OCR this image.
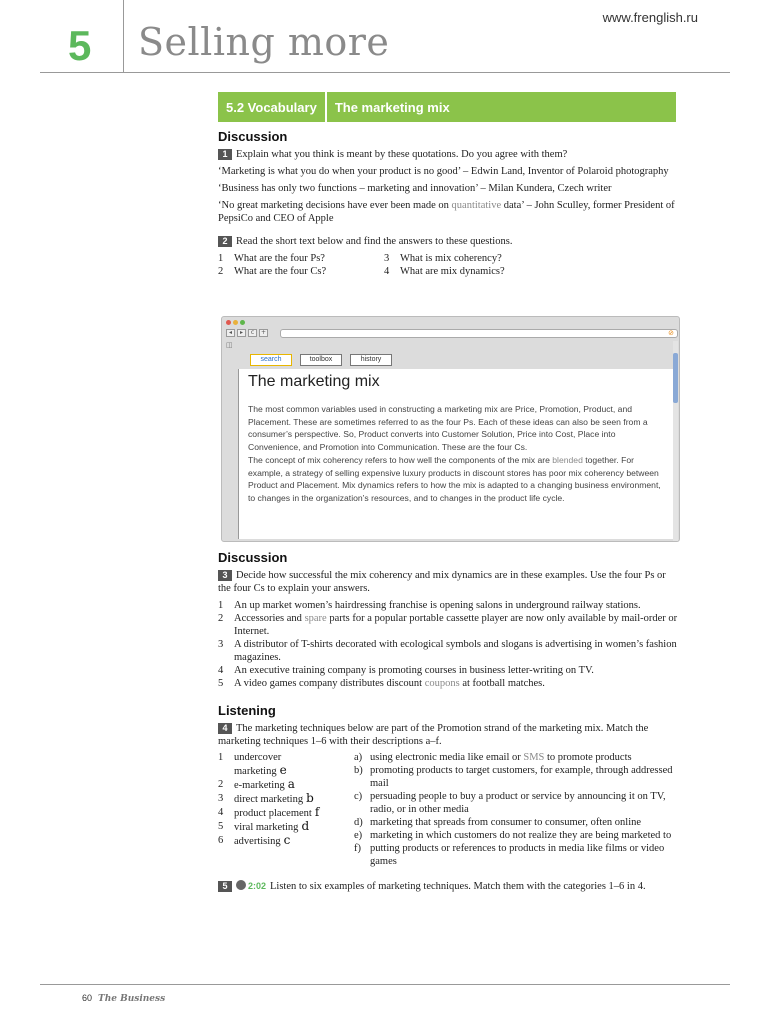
5 Selling more
www.frenglish.ru
5.2 Vocabulary	The marketing mix
Discussion
1 Explain what you think is meant by these quotations. Do you agree with them?
‘Marketing is what you do when your product is no good’ – Edwin Land, Inventor of Polaroid photography
‘Business has only two functions – marketing and innovation’ – Milan Kundera, Czech writer
‘No great marketing decisions have ever been made on quantitative data’ – John Sculley, former President of PepsiCo and CEO of Apple
2 Read the short text below and find the answers to these questions.
1	What are the four Ps?	3	What is mix coherency?
2	What are the four Cs?	4	What are mix dynamics?
◂	▸	c	+	⊘
◫
search	toolbox	history
The marketing mix
The most common variables used in constructing a marketing mix are Price, Promotion, Product, and Placement. These are sometimes referred to as the four Ps. Each of these ideas can also be seen from a consumer’s perspective. So, Product converts into Customer Solution, Price into Cost, Place into Convenience, and Promotion into Communication. These are the four Cs.
The concept of mix coherency refers to how well the components of the mix are blended together. For example, a strategy of selling expensive luxury products in discount stores has poor mix coherency between Product and Placement. Mix dynamics refers to how the mix is adapted to a changing business environment, to changes in the organization’s resources, and to changes in the product life cycle.
Discussion
3 Decide how successful the mix coherency and mix dynamics are in these examples. Use the four Ps or the four Cs to explain your answers.
1	An up market women’s hairdressing franchise is opening salons in underground railway stations.
2	Accessories and spare parts for a popular portable cassette player are now only available by mail-order or Internet.
3	A distributor of T-shirts decorated with ecological symbols and slogans is advertising in women’s fashion magazines.
4	An executive training company is promoting courses in business letter-writing on TV.
5	A video games company distributes discount coupons at football matches.
Listening
4 The marketing techniques below are part of the Promotion strand of the marketing mix. Match the marketing techniques 1–6 with their descriptions a–f.
1	undercover
marketing e
2	e-marketing a
3	direct marketing b
4	product placement f
5	viral marketing d
6	advertising c
a) using electronic media like email or SMS to promote products
b) promoting products to target customers, for example, through addressed mail
c) persuading people to buy a product or service by announcing it on TV, radio, or in other media
d) marketing that spreads from consumer to consumer, often online
e) marketing in which customers do not realize they are being marketed to
f) putting products or references to products in media like films or video games
5 2:02 Listen to six examples of marketing techniques. Match them with the categories 1–6 in 4.
60 The Business
